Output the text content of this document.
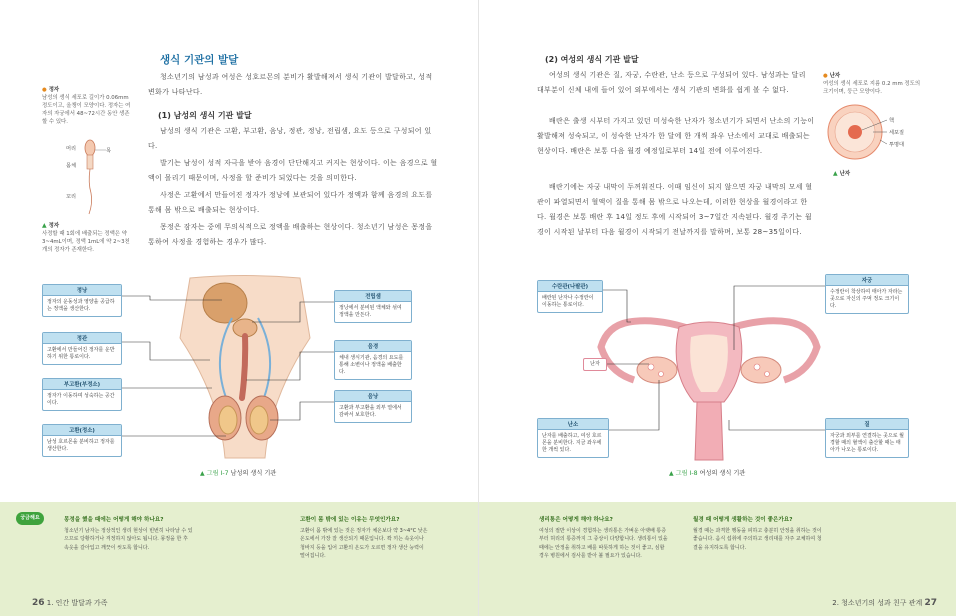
생식 기관의 발달
청소년기의 남성과 여성은 성호르몬의 분비가 활발해져서 생식 기관이 발달하고, 성적 변화가 나타난다.
(1) 남성의 생식 기관 발달
남성의 생식 기관은 고환, 부고환, 음낭, 정관, 정낭, 전립샘, 요도 등으로 구성되어 있다.
발기는 남성이 성적 자극을 받아 음경이 단단해지고 커지는 현상이다. 이는 음경으로 혈액이 몰리기 때문이며, 사정을 할 준비가 되었다는 것을 의미한다.
사정은 고환에서 만들어진 정자가 정낭에 보관되어 있다가 정액과 함께 음경의 요도를 통해 몸 밖으로 배출되는 현상이다.
몽정은 잠자는 중에 무의식적으로 정액을 배출하는 현상이다. 청소년기 남성은 몽정을 통하여 사정을 경험하는 경우가 많다.
● 정자
남성의 생식 세포로 길이가 0.06mm 정도이고, 올챙이 모양이다. 정자는 여자의 자궁에서 48~72시간 동안 생존할 수 있다.
머리	목
몸체
꼬리
▲ 정자
사정할 때 1회에 배출되는 정액은 약 3~4mL이며, 정액 1mL에 약 2~3천 개의 정자가 존재한다.
정낭
정자의 운동성과 영양을 공급하는 정액을 생산한다.
정관
고환에서 만들어진 정자를 운반하기 위한 통로이다.
부고환(부정소)
정자가 이동하며 성숙하는 공간이다.
고환(정소)
남성 호르몬을 분비하고 정자를 생산한다.
전립샘
정낭에서 분비된 액체와 섞여 정액을 만든다.
음경
체내 생식기관, 음경의 요도를 통해 소변이나 정액을 배출한다.
음낭
고환과 부고환을 외부 열에서 감싸서 보호한다.
▲ 그림 Ⅰ-7 남성의 생식 기관
궁금해요	몽정을 했을 때에는 어떻게 해야 하나요?
청소년기 남자는 정상적인 생리 현상이 빈번히 나타날 수 있으므로 당황하거나 걱정하지 않아도 됩니다. 몽정을 한 후 속옷을 갈아입고 깨끗이 씻도록 합니다.
고환이 몸 밖에 있는 이유는 무엇인가요?
고환이 몸 밖에 있는 것은 정자가 체온보다 약 3~4°C 낮은 온도에서 가장 잘 생산되기 때문입니다. 꽉 끼는 속옷이나 청바지 등을 입어 고환의 온도가 오르면 정자 생산 능력이 떨어집니다.
26 1. 인간 발달과 가족
(2) 여성의 생식 기관 발달
여성의 생식 기관은 질, 자궁, 수란관, 난소 등으로 구성되어 있다. 남성과는 달리 대부분이 신체 내에 들어 있어 외부에서는 생식 기관의 변화를 쉽게 볼 수 없다.
배란은 출생 시부터 가지고 있던 미성숙한 난자가 청소년기가 되면서 난소의 기능이 활발해져 성숙되고, 이 성숙한 난자가 한 달에 한 개씩 좌우 난소에서 교대로 배출되는 현상이다. 배란은 보통 다음 월경 예정일로부터 14일 전에 이루어진다.
배란기에는 자궁 내막이 두꺼워진다. 이때 임신이 되지 않으면 자궁 내막의 모세 혈관이 파열되면서 혈액이 질을 통해 몸 밖으로 나오는데, 이러한 현상을 월경이라고 한다. 월경은 보통 배란 후 14일 정도 후에 시작되어 3~7일간 지속된다. 월경 주기는 월경이 시작된 날부터 다음 월경이 시작되기 전날까지를 말하며, 보통 28~35일이다.
● 난자
여성의 생식 세포로 지름 0.2 mm 정도의 크기이며, 둥근 모양이다.
핵
세포질
투명대
▲ 난자
수란관(나팔관)
배란된 난자나 수정란이 이동하는 통로이다.
난자
난소
난자를 배출하고, 여성 호르몬을 분비한다. 지금 좌우에 한 개씩 있다.
자궁
수정란이 착상하여 태아가 자라는 곳으로 자신의 주먹 정도 크기이다.
질
자궁과 외부를 연결하는 곳으로 월경할 때의 혈액이 출산할 때는 태아가 나오는 통로이다.
▲ 그림 Ⅰ-8 여성의 생식 기관
생리통은 어떻게 해야 하나요?
여성의 절반 이상이 경험하는 생리통은 가벼운 아랫배 통증부터 허리의 통증까지 그 증상이 다양합니다. 생리통이 있을 때에는 안정을 취하고 배를 따뜻하게 하는 것이 좋고, 심할 경우 병원에서 검사를 받아 볼 필요가 있습니다.
월경 때 어떻게 생활하는 것이 좋은가요?
월경 때는 과격한 행동을 피하고 충분히 안정을 취하는 것이 좋습니다. 음식 섭취에 주의하고 생리대를 자주 교체하여 청결을 유지하도록 합니다.
2. 청소년기의 성과 친구 관계 27
